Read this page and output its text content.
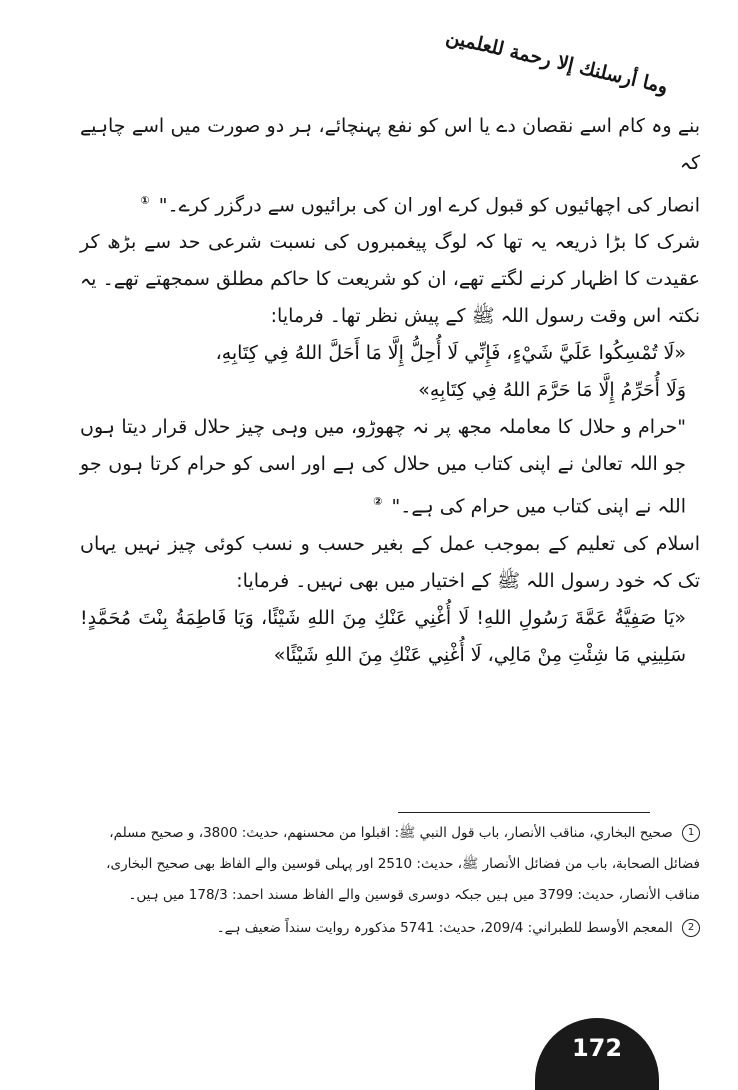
وما أرسلنك إلا رحمة للعلمين

بنے وہ کام اسے نقصان دے یا اس کو نفع پہنچائے، ہر دو صورت میں اسے چاہیے کہ
انصار کی اچھائیوں کو قبول کرے اور ان کی برائیوں سے درگزر کرے۔" ①

شرک کا بڑا ذریعہ یہ تھا کہ لوگ پیغمبروں کی نسبت شرعی حد سے بڑھ کر عقیدت کا اظہار کرنے لگتے تھے، ان کو شریعت کا حاکم مطلق سمجھتے تھے۔ یہ نکتہ اس وقت رسول اللہ ﷺ کے پیش نظر تھا۔ فرمایا:

«لَا تُمْسِكُوا عَلَيَّ شَيْءٍ، فَإِنِّي لَا أُحِلُّ إِلَّا مَا أَحَلَّ اللهُ فِي كِتَابِهِ،
وَلَا أُحَرِّمُ إِلَّا مَا حَرَّمَ اللهُ فِي كِتَابِهِ»

"حرام و حلال کا معاملہ مجھ پر نہ چھوڑو، میں وہی چیز حلال قرار دیتا ہوں جو اللہ تعالیٰ نے اپنی کتاب میں حلال کی ہے اور اسی کو حرام کرتا ہوں جو اللہ نے اپنی کتاب میں حرام کی ہے۔" ②

اسلام کی تعلیم کے بموجب عمل کے بغیر حسب و نسب کوئی چیز نہیں یہاں تک کہ خود رسول اللہ ﷺ کے اختیار میں بھی نہیں۔ فرمایا:

«يَا صَفِيَّةُ عَمَّةَ رَسُولِ اللهِ! لَا أُغْنِي عَنْكِ مِنَ اللهِ شَيْئًا، وَيَا فَاطِمَةُ بِنْتَ مُحَمَّدٍ! سَلِينِي مَا شِئْتِ مِنْ مَالِي، لَا أُغْنِي عَنْكِ مِنَ اللهِ شَيْئًا»

1 صحيح البخاري، مناقب الأنصار، باب قول النبي ﷺ: اقبلوا من محسنهم، حديث: 3800، و صحيح مسلم، فضائل الصحابة، باب من فضائل الأنصار ﷺ، حديث: 2510 اور پہلی قوسین والے الفاظ بھی صحیح البخاری، مناقب الأنصار، حديث: 3799 میں ہیں جبکہ دوسری قوسین والے الفاظ مسند احمد: 178/3 میں ہیں۔

2 المعجم الأوسط للطبراني: 209/4، حديث: 5741 مذکورہ روایت سنداً ضعیف ہے۔

172
